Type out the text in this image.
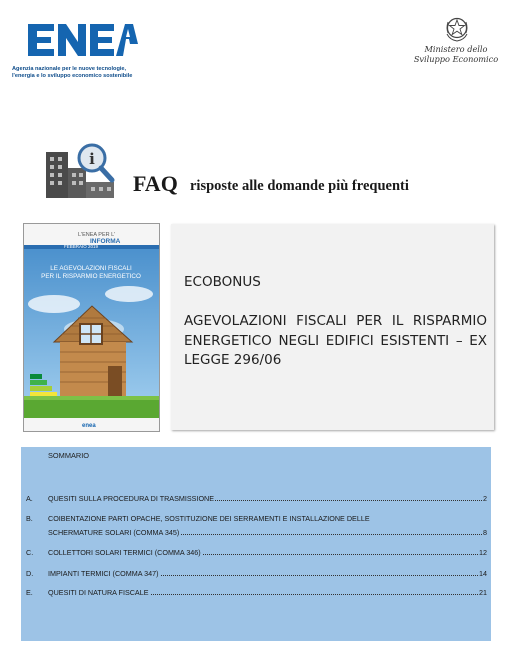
Agenzia nazionale per le nuove tecnologie, l'energia e lo sviluppo economico sostenibile
Ministero dello
Sviluppo Economico
i
FAQ risposte alle domande più frequenti
L'ENEA PER L'
INFORMA
FEBBRAIO 2019
LE AGEVOLAZIONI FISCALI
PER IL RISPARMIO ENERGETICO
enea
ECOBONUS
AGEVOLAZIONI FISCALI PER IL RISPARMIO ENERGETICO NEGLI EDIFICI ESISTENTI – EX LEGGE 296/06
SOMMARIO
A. QUESITI SULLA PROCEDURA DI TRASMISSIONE	2
B. COIBENTAZIONE PARTI OPACHE, SOSTITUZIONE DEI SERRAMENTI E INSTALLAZIONE DELLE
SCHERMATURE SOLARI (COMMA 345)	8
C. COLLETTORI SOLARI TERMICI (COMMA 346)	12
D. IMPIANTI TERMICI (COMMA 347)	14
E. QUESITI DI NATURA FISCALE	21
